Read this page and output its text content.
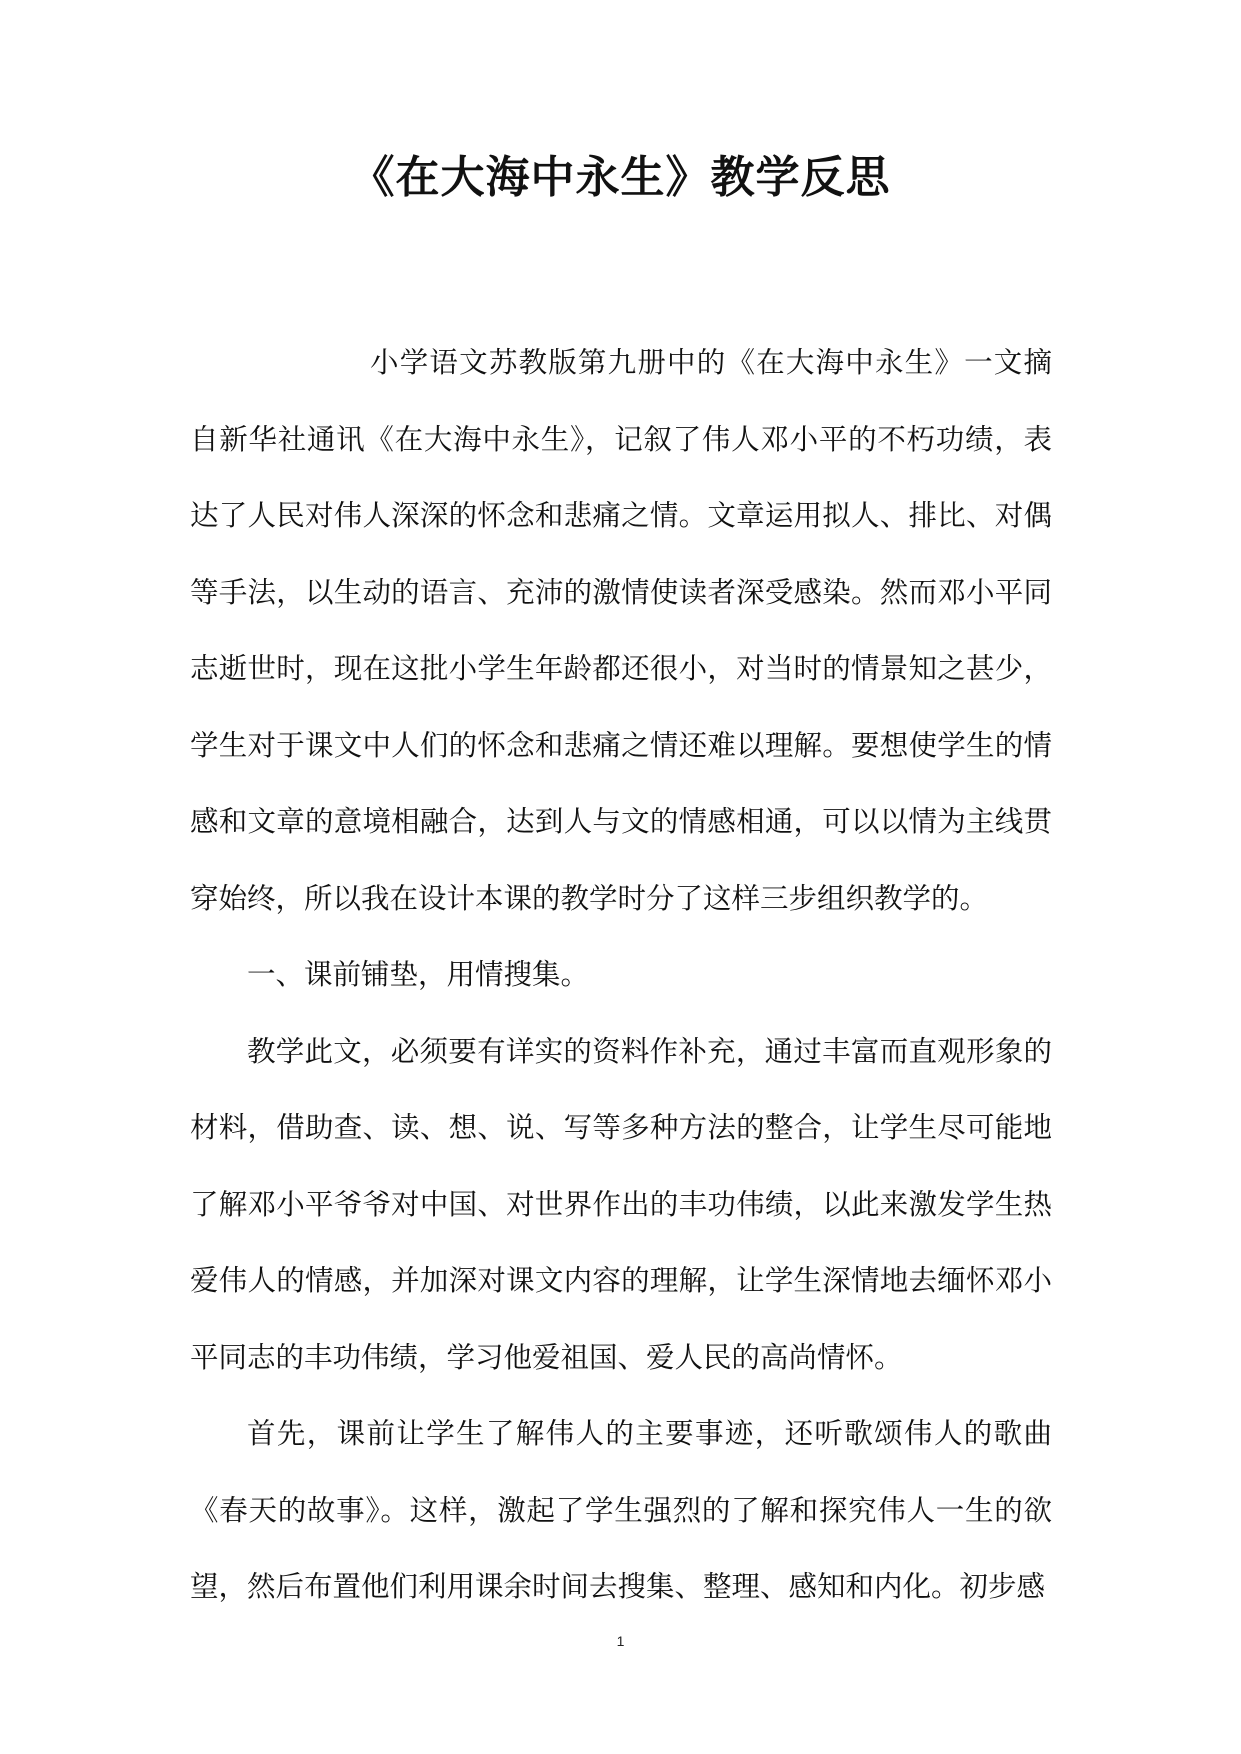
《在大海中永生》教学反思

小学语文苏教版第九册中的《在大海中永生》一文摘自新华社通讯《在大海中永生》，记叙了伟人邓小平的不朽功绩，表达了人民对伟人深深的怀念和悲痛之情。文章运用拟人、排比、对偶等手法，以生动的语言、充沛的激情使读者深受感染。然而邓小平同志逝世时，现在这批小学生年龄都还很小，对当时的情景知之甚少，学生对于课文中人们的怀念和悲痛之情还难以理解。要想使学生的情感和文章的意境相融合，达到人与文的情感相通，可以以情为主线贯穿始终，所以我在设计本课的教学时分了这样三步组织教学的。

一、课前铺垫，用情搜集。

教学此文，必须要有详实的资料作补充，通过丰富而直观形象的材料，借助查、读、想、说、写等多种方法的整合，让学生尽可能地了解邓小平爷爷对中国、对世界作出的丰功伟绩，以此来激发学生热爱伟人的情感，并加深对课文内容的理解，让学生深情地去缅怀邓小平同志的丰功伟绩，学习他爱祖国、爱人民的高尚情怀。

首先，课前让学生了解伟人的主要事迹，还听歌颂伟人的歌曲《春天的故事》。这样，激起了学生强烈的了解和探究伟人一生的欲望，然后布置他们利用课余时间去搜集、整理、感知和内化。初步感

1
